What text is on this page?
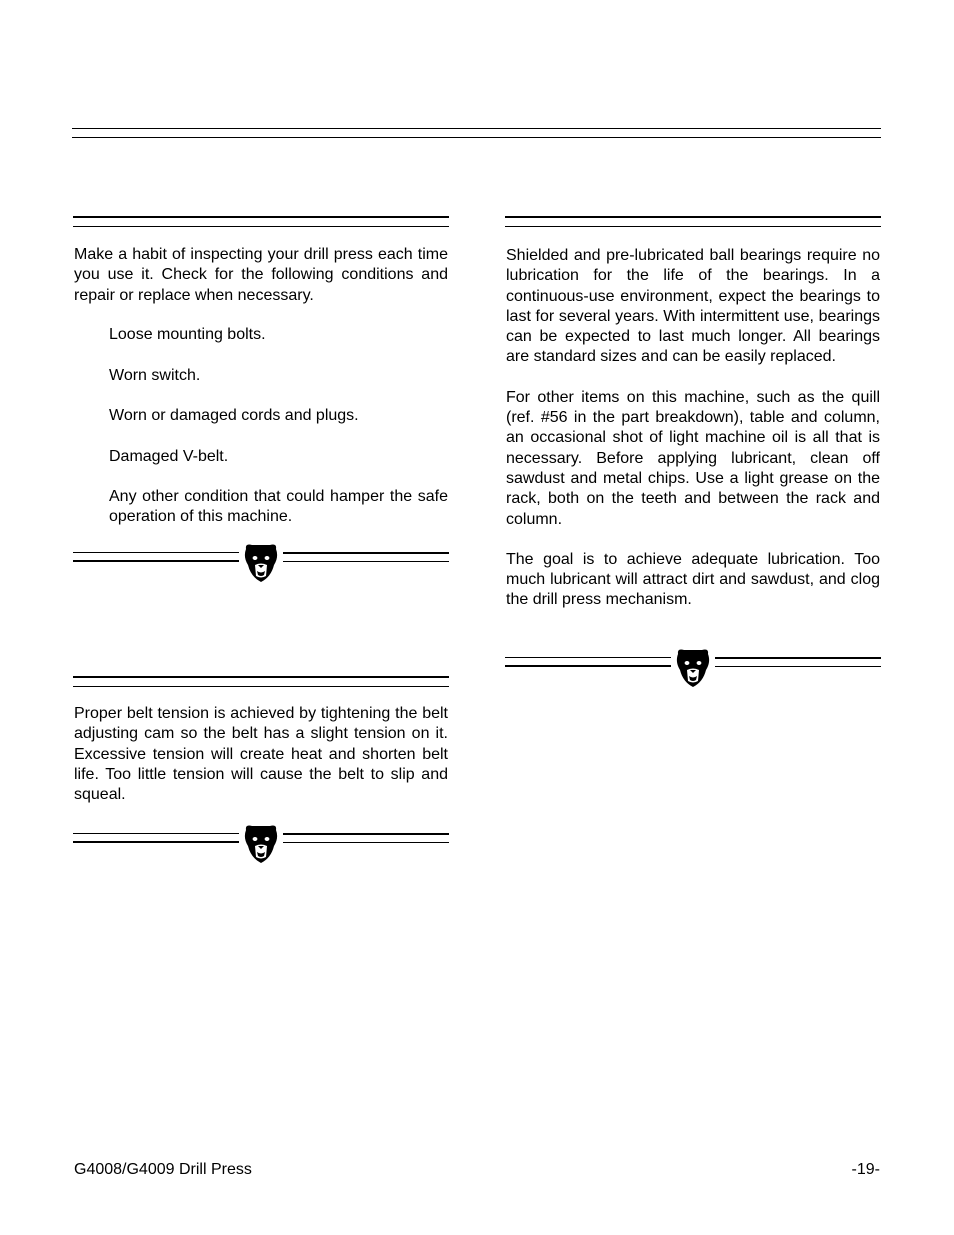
Make a habit of inspecting your drill press each time you use it. Check for the following conditions and repair or replace when necessary.

Loose mounting bolts.
Worn switch.
Worn or damaged cords and plugs.
Damaged V-belt.
Any other condition that could hamper the safe operation of this machine.

Proper belt tension is achieved by tightening the belt adjusting cam so the belt has a slight tension on it. Excessive tension will create heat and shorten belt life. Too little tension will cause the belt to slip and squeal.

Shielded and pre-lubricated ball bearings require no lubrication for the life of the bearings. In a continuous-use environment, expect the bearings to last for several years. With intermittent use, bearings can be expected to last much longer. All bearings are standard sizes and can be easily replaced.

For other items on this machine, such as the quill (ref. #56 in the part breakdown), table and column, an occasional shot of light machine oil is all that is necessary. Before applying lubricant, clean off sawdust and metal chips. Use a light grease on the rack, both on the teeth and between the rack and column.

The goal is to achieve adequate lubrication. Too much lubricant will attract dirt and sawdust, and clog the drill press mechanism.

G4008/G4009 Drill Press	-19-
